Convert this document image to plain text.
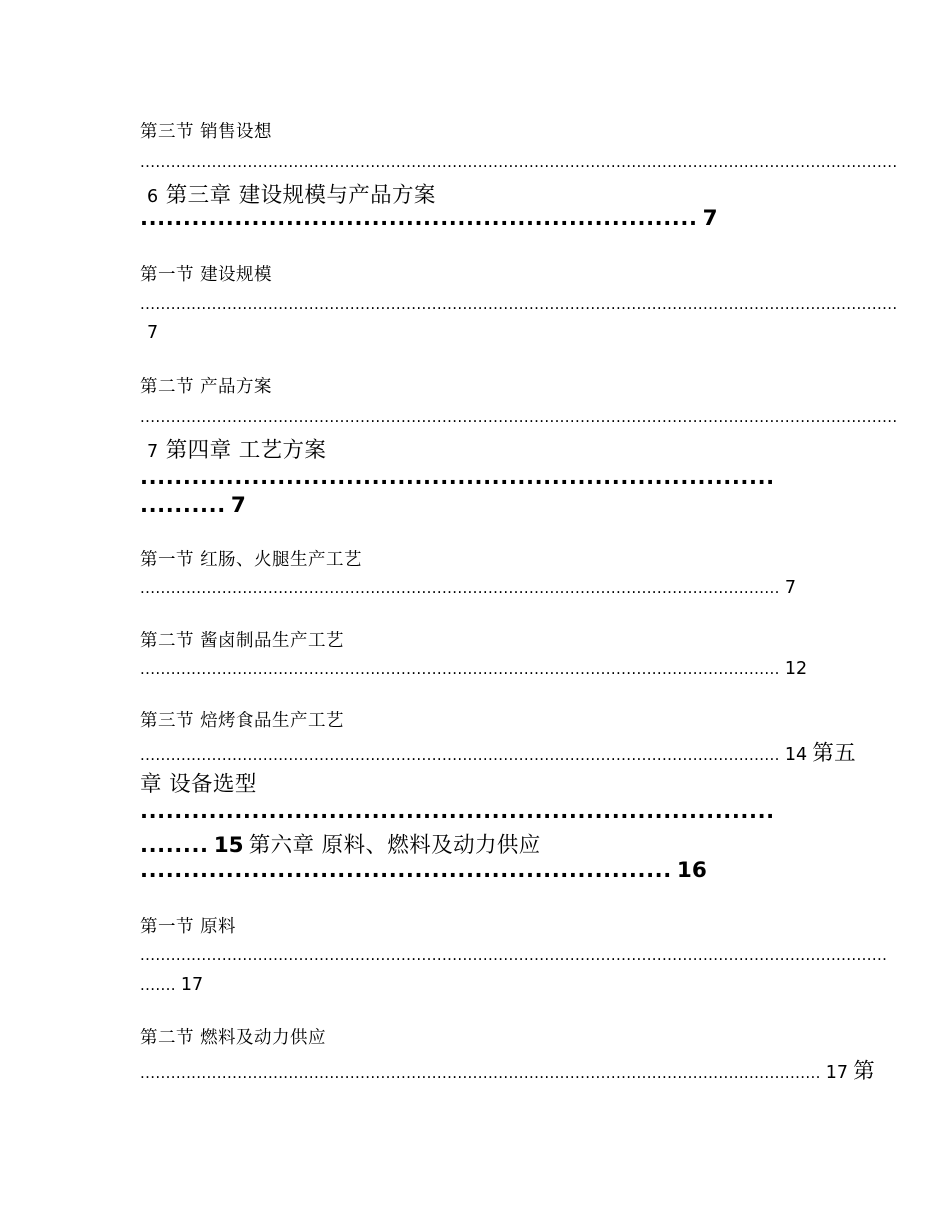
第三节 销售设想
....................................................................................................................................................
6 第三章 建设规模与产品方案
................................................................. 7
第一节 建设规模
....................................................................................................................................................
7
第二节 产品方案
....................................................................................................................................................
7 第四章 工艺方案
..........................................................................
.......... 7
第一节 红肠、火腿生产工艺
............................................................................................................................. 7
第二节 酱卤制品生产工艺
............................................................................................................................. 12
第三节 焙烤食品生产工艺
............................................................................................................................. 14 第五
章 设备选型
..........................................................................
........ 15 第六章 原料、燃料及动力供应
.............................................................. 16
第一节 原料
..................................................................................................................................................
....... 17
第二节 燃料及动力供应
..................................................................................................................................... 17 第
